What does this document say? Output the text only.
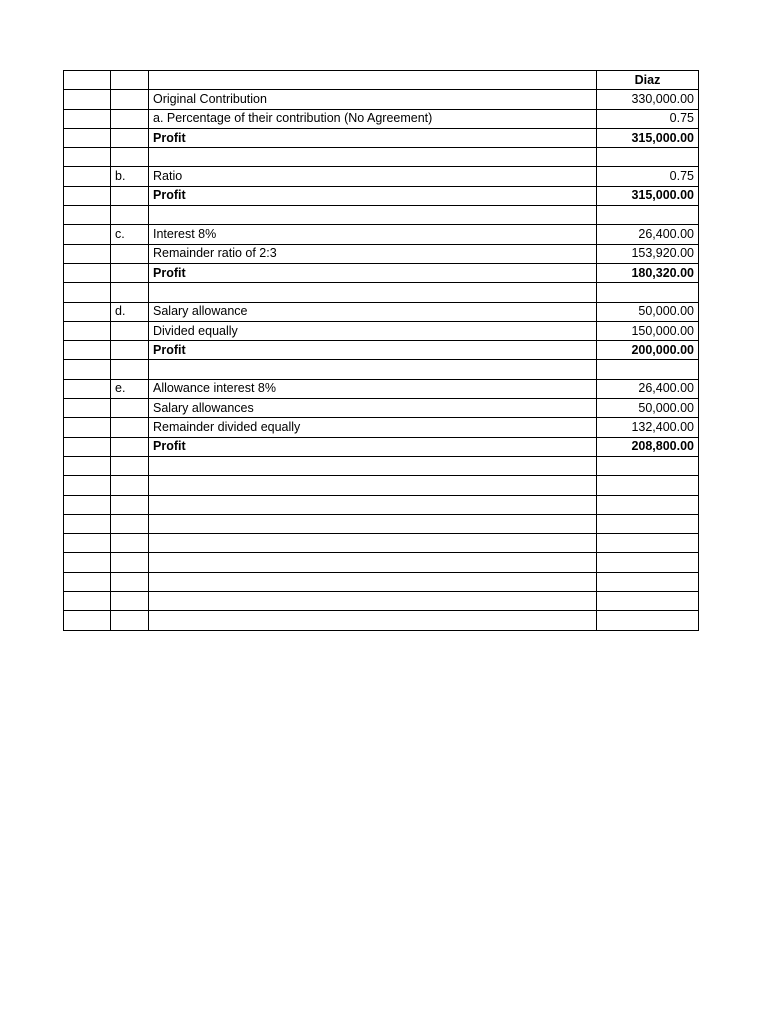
			Diaz
		Original Contribution	330,000.00
		a. Percentage of their contribution (No Agreement)	0.75
		Profit	315,000.00

	b.	Ratio	0.75
		Profit	315,000.00

	c.	Interest 8%	26,400.00
		Remainder ratio of 2:3	153,920.00
		Profit	180,320.00

	d.	Salary allowance	50,000.00
		Divided equally	150,000.00
		Profit	200,000.00

	e.	Allowance interest 8%	26,400.00
		Salary allowances	50,000.00
		Remainder divided equally	132,400.00
		Profit	208,800.00
